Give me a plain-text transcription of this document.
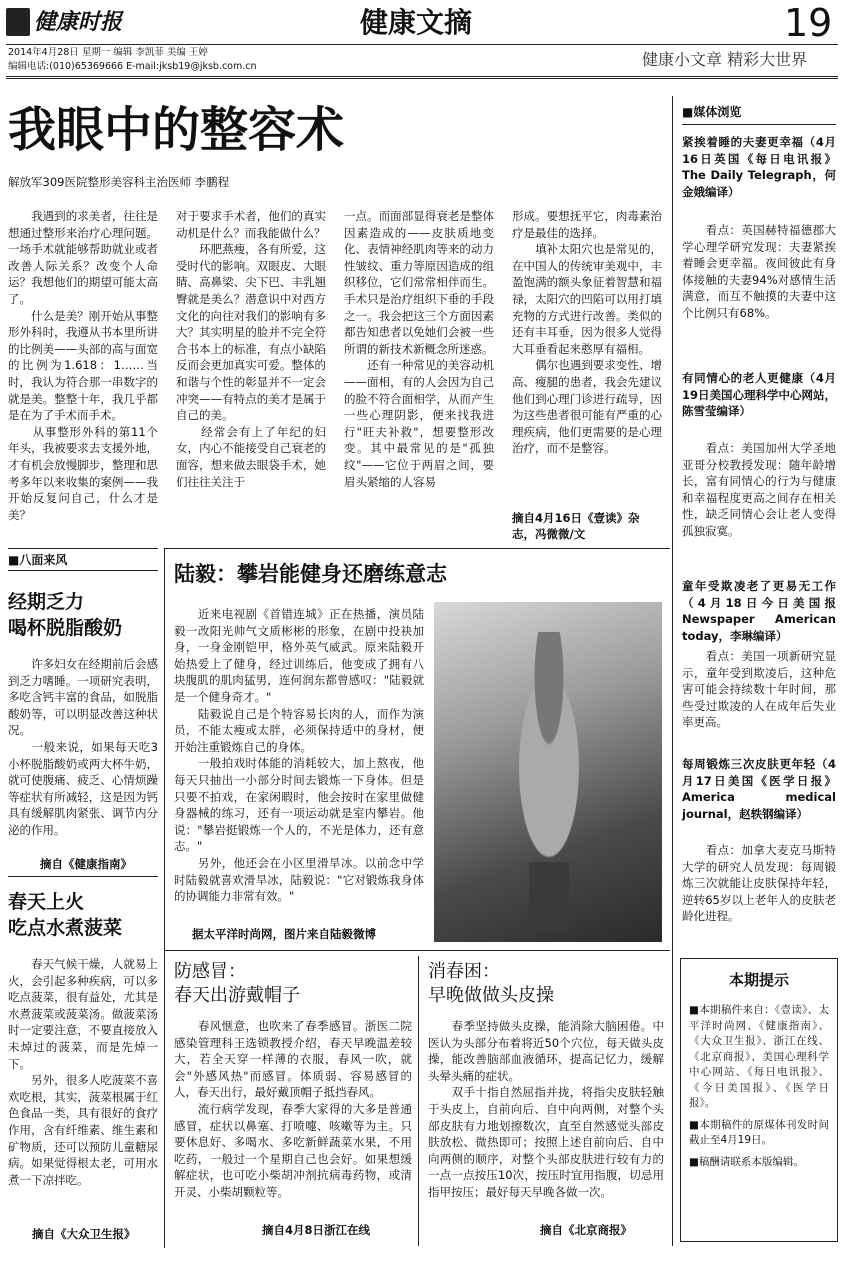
健康时报	健康文摘	19
2014年4月28日 星期一 编辑 李凯菲 美编 王婷
编辑电话:(010)65369666 E-mail:jksb19@jksb.com.cn	健康小文章 精彩大世界
我眼中的整容术
解放军309医院整形美容科主治医师 李鹏程
　　我遇到的求美者，往往是想通过整形来治疗心理问题。一场手术就能够帮助就业或者改善人际关系？改变个人命运？我想他们的期望可能太高了。
　　什么是美？刚开始从事整形外科时，我遵从书本里所讲的比例美——头部的高与面宽的比例为1.618：1……当时，我认为符合那一串数字的就是美。整整十年，我几乎都是在为了手术而手术。
　　从事整形外科的第11个年头，我被要求去支援外地，才有机会放慢脚步，整理和思考多年以来收集的案例——我开始反复问自己，什么才是美？
对于要求手术者，他们的真实动机是什么？而我能做什么？
　　环肥燕瘦，各有所爱，这受时代的影响。双眼皮、大眼睛、高鼻梁、尖下巴、丰乳翘臀就是美么？潜意识中对西方文化的向往对我们的影响有多大？其实明星的脸并不完全符合书本上的标准，有点小缺陷反而会更加真实可爱。整体的和谐与个性的彰显并不一定会冲突——有特点的美才是属于自己的美。
　　经常会有上了年纪的妇女，内心不能接受自己衰老的面容，想来做去眼袋手术，她们往往关注于
一点。而面部显得衰老是整体因素造成的——皮肤质地变化、表情神经肌肉等来的动力性皱纹、重力等原因造成的组织移位，它们常常相伴而生。手术只是治疗组织下垂的手段之一。我会把这三个方面因素都告知患者以免她们会被一些所谓的新技术新概念所迷惑。
　　还有一种常见的美容动机——面相，有的人会因为自己的脸不符合面相学，从而产生一些心理阴影，便来找我进行"旺夫补救"，想要整形改变。其中最常见的是"孤独纹"——它位于两眉之间，要眉头紧缩的人容易
形成。要想抚平它，肉毒素治疗是最佳的选择。
　　填补太阳穴也是常见的，在中国人的传统审美观中，丰盈饱满的额头象征着智慧和福禄，太阳穴的凹陷可以用打填充物的方式进行改善。类似的还有丰耳垂，因为很多人觉得大耳垂看起来憨厚有福相。
　　偶尔也遇到要求变性、增高、瘦腿的患者，我会先建议他们到心理门诊进行疏导，因为这些患者很可能有严重的心理疾病，他们更需要的是心理治疗，而不是整容。
摘自4月16日《壹读》杂志，冯微微/文
■八面来风
经期乏力
喝杯脱脂酸奶
　　许多妇女在经期前后会感到乏力嗜睡。一项研究表明，多吃含钙丰富的食品，如脱脂酸奶等，可以明显改善这种状况。
　　一般来说，如果每天吃3小杯脱脂酸奶或两大杯牛奶，就可使腹痛、疲乏、心情烦躁等症状有所减轻，这是因为钙具有缓解肌肉紧张、调节内分泌的作用。
摘自《健康指南》
春天上火
吃点水煮菠菜
　　春天气候干燥，人就易上火，会引起多种疾病，可以多吃点菠菜，很有益处，尤其是水煮菠菜或菠菜汤。做菠菜汤时一定要注意，不要直接放入未焯过的菠菜，而是先焯一下。
　　另外，很多人吃菠菜不喜欢吃根，其实，菠菜根属于红色食品一类，具有很好的食疗作用，含有纤维素、维生素和矿物质，还可以预防儿童糖尿病。如果觉得根太老，可用水煮一下凉拌吃。
摘自《大众卫生报》
陆毅：攀岩能健身还磨练意志
　　近来电视剧《首错连城》正在热播，演员陆毅一改阳光帅气文质彬彬的形象，在剧中投袂加身，一身金刚铠甲，格外英气威武。原来陆毅开始热爱上了健身，经过训练后，他变成了拥有八块腹肌的肌肉猛男，连何润东都曾感叹："陆毅就是一个健身奇才。"
　　陆毅说自己是个特容易长肉的人，而作为演员，不能太瘦或太胖，必须保持适中的身材，便开始注重锻炼自己的身体。
　　一般拍戏时体能的消耗较大，加上熬夜，他每天只抽出一小部分时间去锻炼一下身体。但是只要不拍戏，在家闲暇时，他会按时在家里做健身器械的练习，还有一项运动就是室内攀岩。他说："攀岩挺锻炼一个人的，不光是体力，还有意志。"
　　另外，他还会在小区里滑旱冰。以前念中学时陆毅就喜欢滑旱冰，陆毅说："它对锻炼我身体的协调能力非常有效。"
据太平洋时尚网，图片来自陆毅微博
防感冒：
春天出游戴帽子
　　春风惬意，也吹来了春季感冒。浙医二院感染管理科王选锁教授介绍，春天早晚温差较大，若全天穿一样薄的衣服，春风一吹，就会"外感风热"而感冒。体质弱、容易感冒的人，春天出行，最好戴顶帽子抵挡春风。
　　流行病学发现，春季大家得的大多是普通感冒，症状以鼻塞、打喷嚏、咳嗽等为主。只要休息好、多喝水、多吃新鲜蔬菜水果，不用吃药，一般过一个星期自己也会好。如果想缓解症状，也可吃小柴胡冲剂抗病毒药物，或清开灵、小柴胡颗粒等。
摘自4月8日浙江在线
消春困：
早晚做做头皮操
　　春季坚持做头皮操，能消除大脑困倦。中医认为头部分布着将近50个穴位，每天做头皮操，能改善脑部血液循环，提高记忆力，缓解头晕头痛的症状。
　　双手十指自然屈指并拢，将指尖皮肤轻触于头皮上，自前向后、自中向两侧，对整个头部皮肤有力地划擦数次，直至自然感觉头部皮肤放松、微热即可；按照上述自前向后、自中向两侧的顺序，对整个头部皮肤进行较有力的一点一点按压10次，按压时宜用指腹，切忌用指甲按压；最好每天早晚各做一次。
摘自《北京商报》
■媒体浏览
紧挨着睡的夫妻更幸福（4月16日英国《每日电讯报》The Daily Telegraph，何金娥编译）
　　看点：英国赫特福德郡大学心理学研究发现：夫妻紧挨着睡会更幸福。夜间彼此有身体接触的夫妻94%对感情生活满意，而互不触摸的夫妻中这个比例只有68%。
有同情心的老人更健康（4月19日美国心理科学中心网站，陈雪莹编译）
　　看点：美国加州大学圣地亚哥分校教授发现：随年龄增长，富有同情心的行为与健康和幸福程度更高之间存在相关性，缺乏同情心会让老人变得孤独寂寞。
童年受欺凌老了更易无工作（4月18日今日美国报Newspaper American today，李琳编译）
　　看点：美国一项新研究显示，童年受到欺凌后，这种危害可能会持续数十年时间，那些受过欺凌的人在成年后失业率更高。
每周锻炼三次皮肤更年轻（4月17日美国《医学日报》America medical journal，赵轶钢编译）
　　看点：加拿大麦克马斯特大学的研究人员发现：每周锻炼三次就能让皮肤保持年轻，逆转65岁以上老年人的皮肤老龄化进程。
本期提示
■本期稿件来自：《壹读》、太平洋时尚网、《健康指南》、《大众卫生报》、浙江在线、《北京商报》、美国心理科学中心网站、《每日电讯报》、《今日美国报》、《医学日报》。
■本期稿件的原煤体刊发时间截止至4月19日。
■稿酬请联系本版编辑。
